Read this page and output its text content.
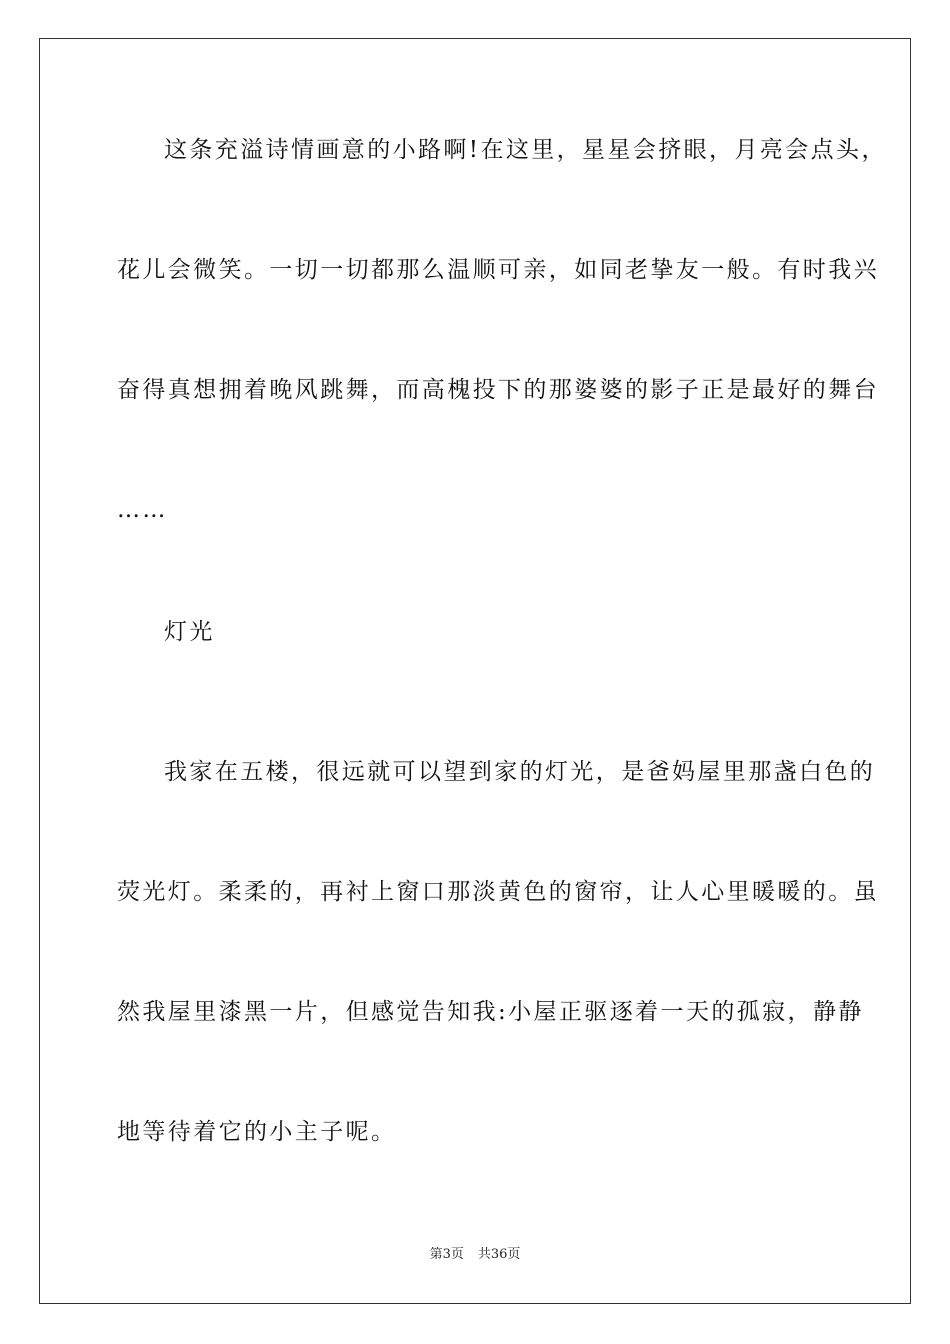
这条充溢诗情画意的小路啊!在这里，星星会挤眼，月亮会点头，
花儿会微笑。一切一切都那么温顺可亲，如同老挚友一般。有时我兴
奋得真想拥着晚风跳舞，而高槐投下的那婆婆的影子正是最好的舞台
……
灯光
我家在五楼，很远就可以望到家的灯光，是爸妈屋里那盏白色的
荧光灯。柔柔的，再衬上窗口那淡黄色的窗帘，让人心里暖暖的。虽
然我屋里漆黑一片，但感觉告知我:小屋正驱逐着一天的孤寂，静静
地等待着它的小主子呢。
第3页 共36页
